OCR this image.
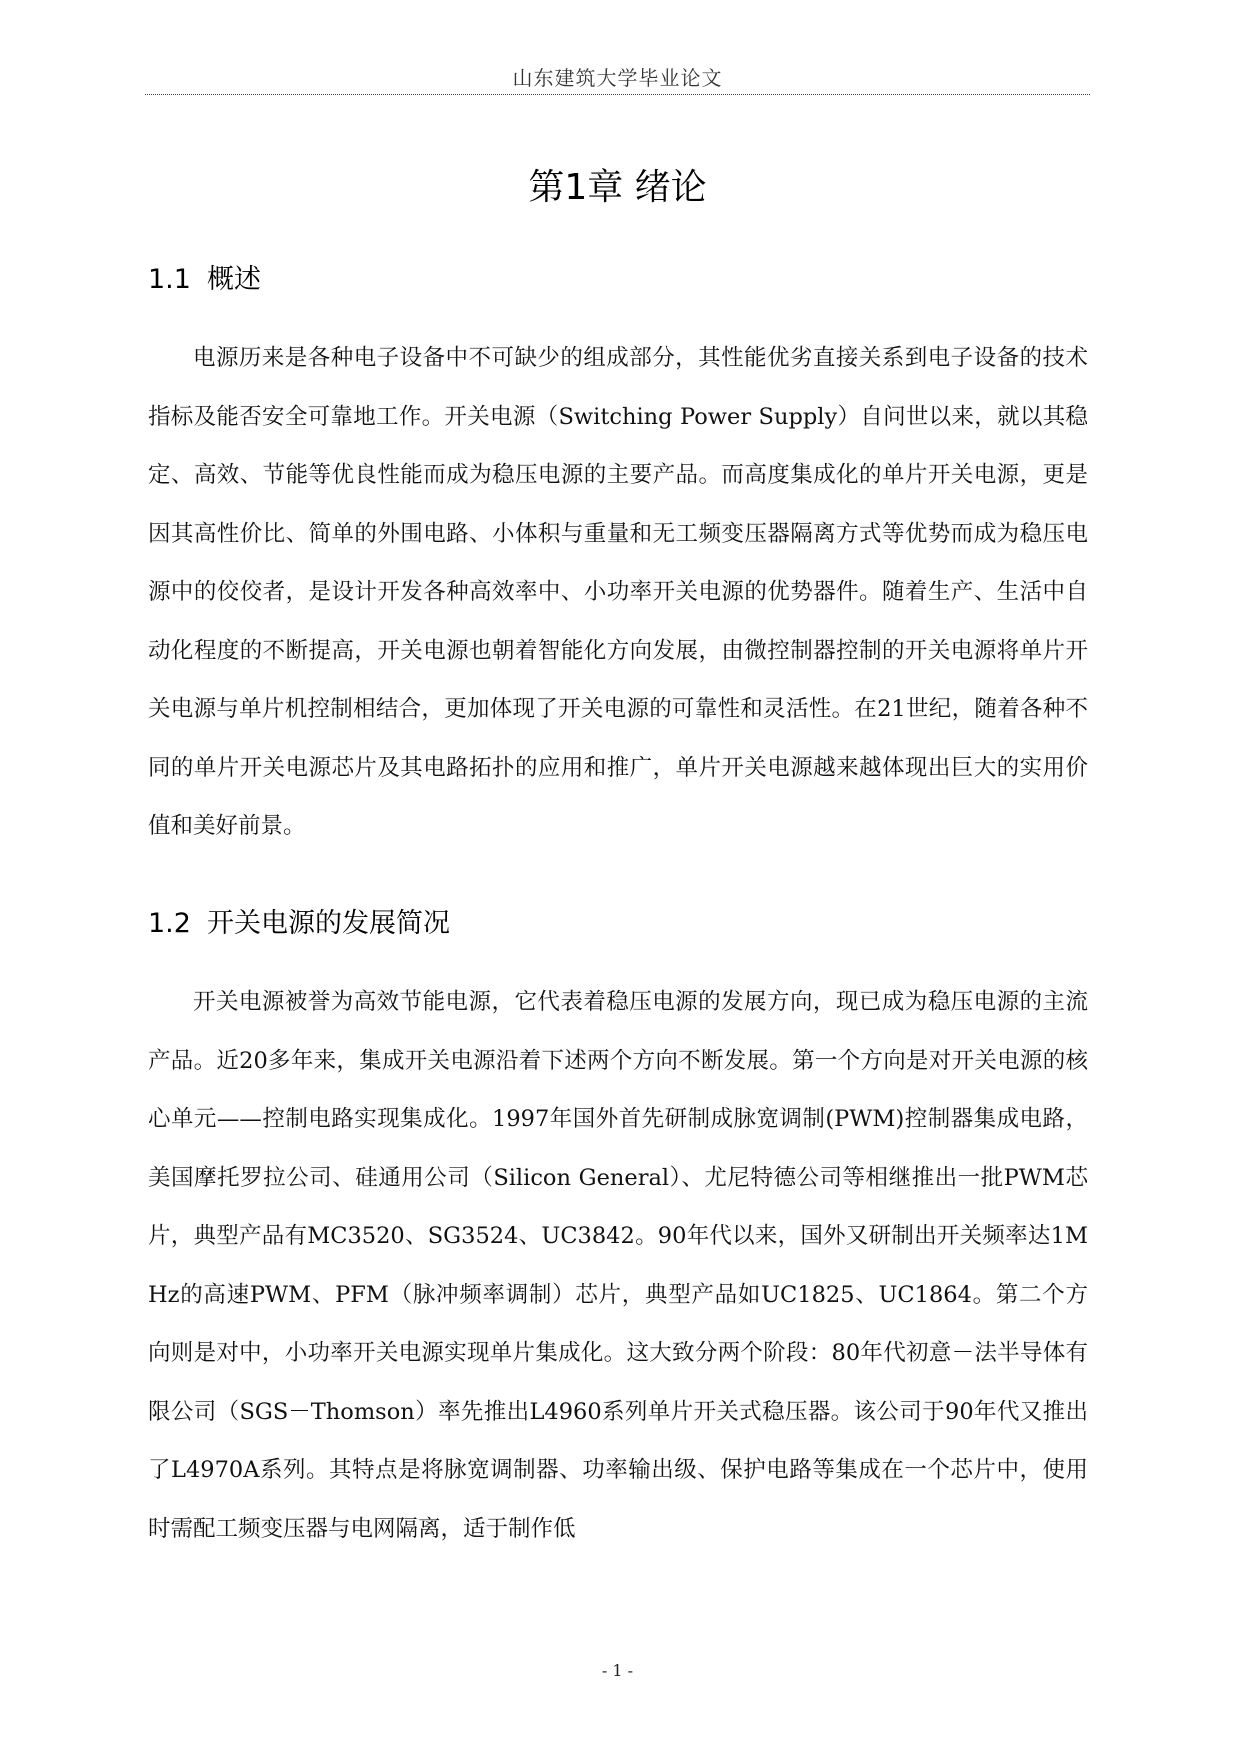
山东建筑大学毕业论文
第1章 绪论
1.1 概述

电源历来是各种电子设备中不可缺少的组成部分，其性能优劣直接关系到电子设备的技术指标及能否安全可靠地工作。开关电源（Switching Power Supply）自问世以来，就以其稳定、高效、节能等优良性能而成为稳压电源的主要产品。而高度集成化的单片开关电源，更是因其高性价比、简单的外围电路、小体积与重量和无工频变压器隔离方式等优势而成为稳压电源中的佼佼者，是设计开发各种高效率中、小功率开关电源的优势器件。随着生产、生活中自动化程度的不断提高，开关电源也朝着智能化方向发展，由微控制器控制的开关电源将单片开关电源与单片机控制相结合，更加体现了开关电源的可靠性和灵活性。在21世纪，随着各种不同的单片开关电源芯片及其电路拓扑的应用和推广，单片开关电源越来越体现出巨大的实用价值和美好前景。

1.2 开关电源的发展简况

开关电源被誉为高效节能电源，它代表着稳压电源的发展方向，现已成为稳压电源的主流产品。近20多年来，集成开关电源沿着下述两个方向不断发展。第一个方向是对开关电源的核心单元——控制电路实现集成化。1997年国外首先研制成脉宽调制(PWM)控制器集成电路，美国摩托罗拉公司、硅通用公司（Silicon General）、尤尼特德公司等相继推出一批PWM芯片，典型产品有MC3520、SG3524、UC3842。90年代以来，国外又研制出开关频率达1MHz的高速PWM、PFM（脉冲频率调制）芯片，典型产品如UC1825、UC1864。第二个方向则是对中，小功率开关电源实现单片集成化。这大致分两个阶段：80年代初意－法半导体有限公司（SGS－Thomson）率先推出L4960系列单片开关式稳压器。该公司于90年代又推出了L4970A系列。其特点是将脉宽调制器、功率输出级、保护电路等集成在一个芯片中，使用时需配工频变压器与电网隔离，适于制作低

- 1 -
